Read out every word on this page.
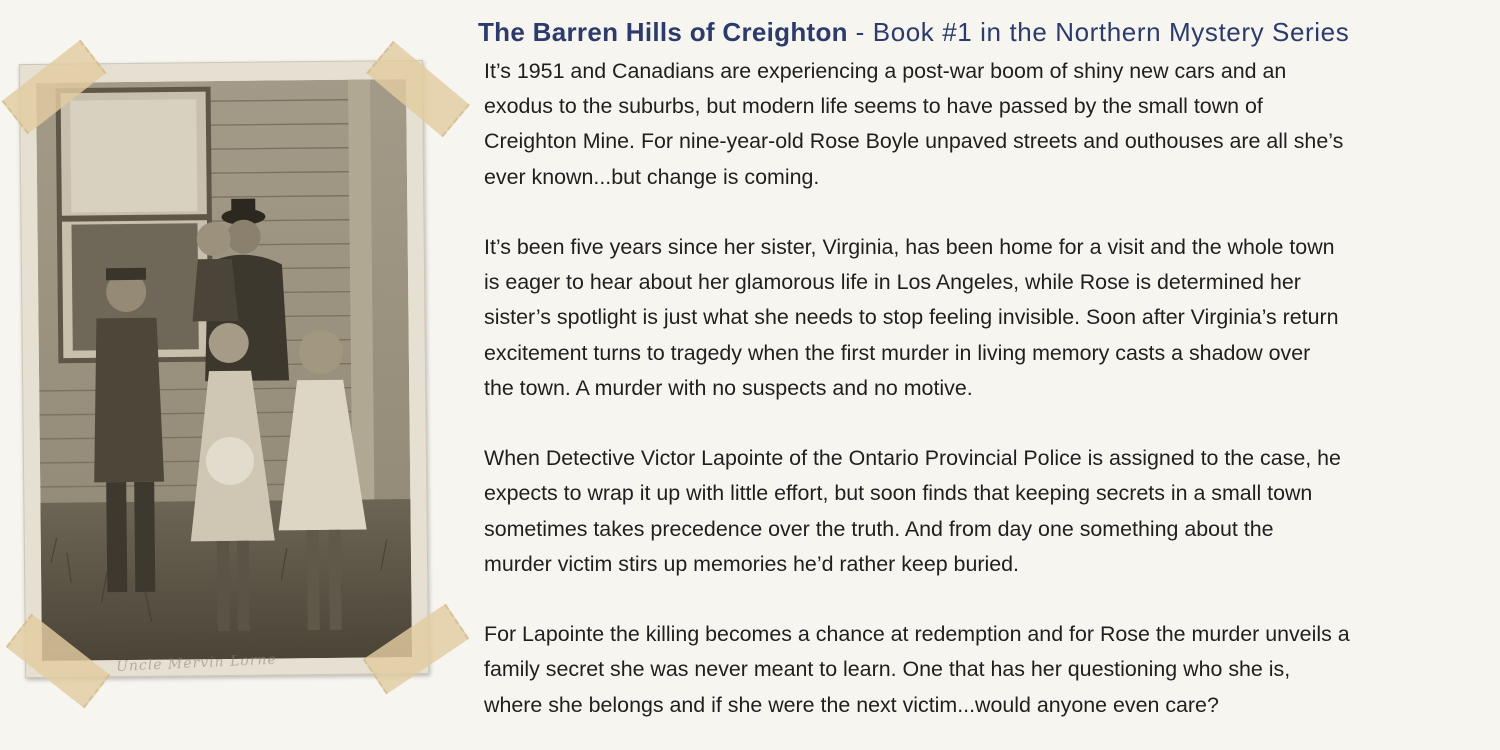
Uncle Mervin Lorne
The Barren Hills of Creighton - Book #1 in the Northern Mystery Series

It’s 1951 and Canadians are experiencing a post-war boom of shiny new cars and an
exodus to the suburbs, but modern life seems to have passed by the small town of
Creighton Mine. For nine-year-old Rose Boyle unpaved streets and outhouses are all she’s
ever known...but change is coming.

It’s been five years since her sister, Virginia, has been home for a visit and the whole town
is eager to hear about her glamorous life in Los Angeles, while Rose is determined her
sister’s spotlight is just what she needs to stop feeling invisible. Soon after Virginia’s return
excitement turns to tragedy when the first murder in living memory casts a shadow over
the town. A murder with no suspects and no motive.

When Detective Victor Lapointe of the Ontario Provincial Police is assigned to the case, he
expects to wrap it up with little effort, but soon finds that keeping secrets in a small town
sometimes takes precedence over the truth. And from day one something about the
murder victim stirs up memories he’d rather keep buried.

For Lapointe the killing becomes a chance at redemption and for Rose the murder unveils a
family secret she was never meant to learn. One that has her questioning who she is,
where she belongs and if she were the next victim...would anyone even care?
